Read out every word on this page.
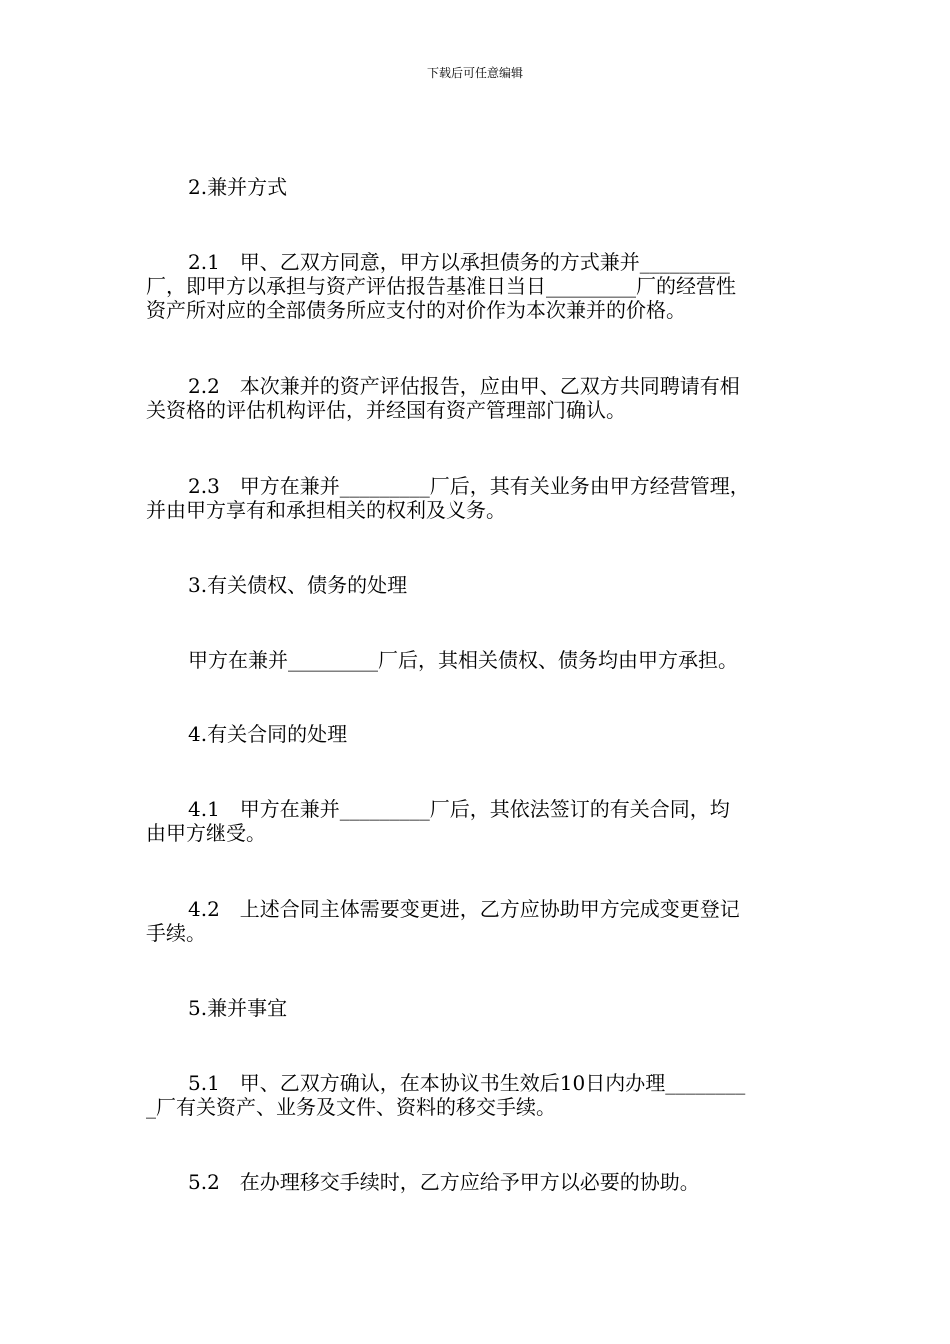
下载后可任意编辑
2.兼并方式
2.1　甲、乙双方同意，甲方以承担债务的方式兼并_________
厂，即甲方以承担与资产评估报告基准日当日_________厂的经营性
资产所对应的全部债务所应支付的对价作为本次兼并的价格。
2.2　本次兼并的资产评估报告，应由甲、乙双方共同聘请有相
关资格的评估机构评估，并经国有资产管理部门确认。
2.3　甲方在兼并_________厂后，其有关业务由甲方经营管理，
并由甲方享有和承担相关的权利及义务。
3.有关债权、债务的处理
甲方在兼并_________厂后，其相关债权、债务均由甲方承担。
4.有关合同的处理
4.1　甲方在兼并_________厂后，其依法签订的有关合同，均
由甲方继受。
4.2　上述合同主体需要变更进，乙方应协助甲方完成变更登记
手续。
5.兼并事宜
5.1　甲、乙双方确认，在本协议书生效后10日内办理________
_厂有关资产、业务及文件、资料的移交手续。
5.2　在办理移交手续时，乙方应给予甲方以必要的协助。
